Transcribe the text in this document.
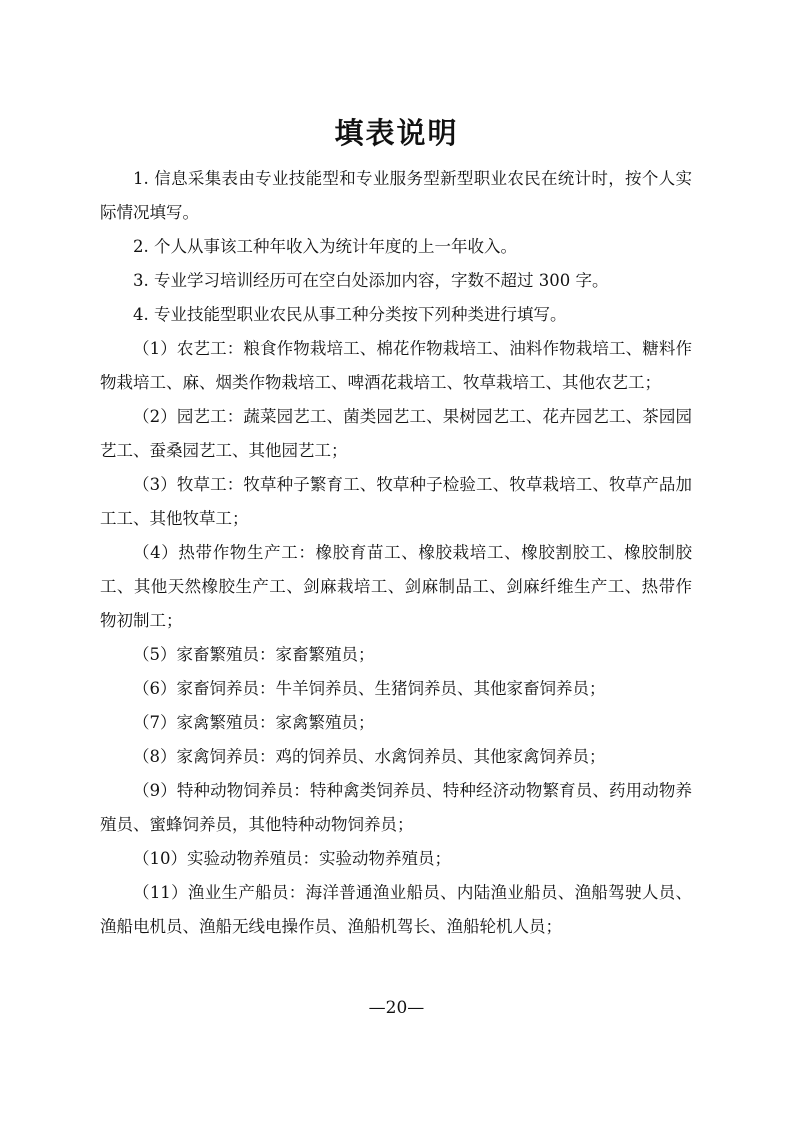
填表说明

1. 信息采集表由专业技能型和专业服务型新型职业农民在统计时，按个人实际情况填写。

2. 个人从事该工种年收入为统计年度的上一年收入。

3. 专业学习培训经历可在空白处添加内容，字数不超过 300 字。

4. 专业技能型职业农民从事工种分类按下列种类进行填写。

（1）农艺工：粮食作物栽培工、棉花作物栽培工、油料作物栽培工、糖料作物栽培工、麻、烟类作物栽培工、啤酒花栽培工、牧草栽培工、其他农艺工；

（2）园艺工：蔬菜园艺工、菌类园艺工、果树园艺工、花卉园艺工、茶园园艺工、蚕桑园艺工、其他园艺工；

（3）牧草工：牧草种子繁育工、牧草种子检验工、牧草栽培工、牧草产品加工工、其他牧草工；

（4）热带作物生产工：橡胶育苗工、橡胶栽培工、橡胶割胶工、橡胶制胶工、其他天然橡胶生产工、剑麻栽培工、剑麻制品工、剑麻纤维生产工、热带作物初制工；

（5）家畜繁殖员：家畜繁殖员；

（6）家畜饲养员：牛羊饲养员、生猪饲养员、其他家畜饲养员；

（7）家禽繁殖员：家禽繁殖员；

（8）家禽饲养员：鸡的饲养员、水禽饲养员、其他家禽饲养员；

（9）特种动物饲养员：特种禽类饲养员、特种经济动物繁育员、药用动物养殖员、蜜蜂饲养员，其他特种动物饲养员；

（10）实验动物养殖员：实验动物养殖员；

（11）渔业生产船员：海洋普通渔业船员、内陆渔业船员、渔船驾驶人员、渔船电机员、渔船无线电操作员、渔船机驾长、渔船轮机人员；

—20—
